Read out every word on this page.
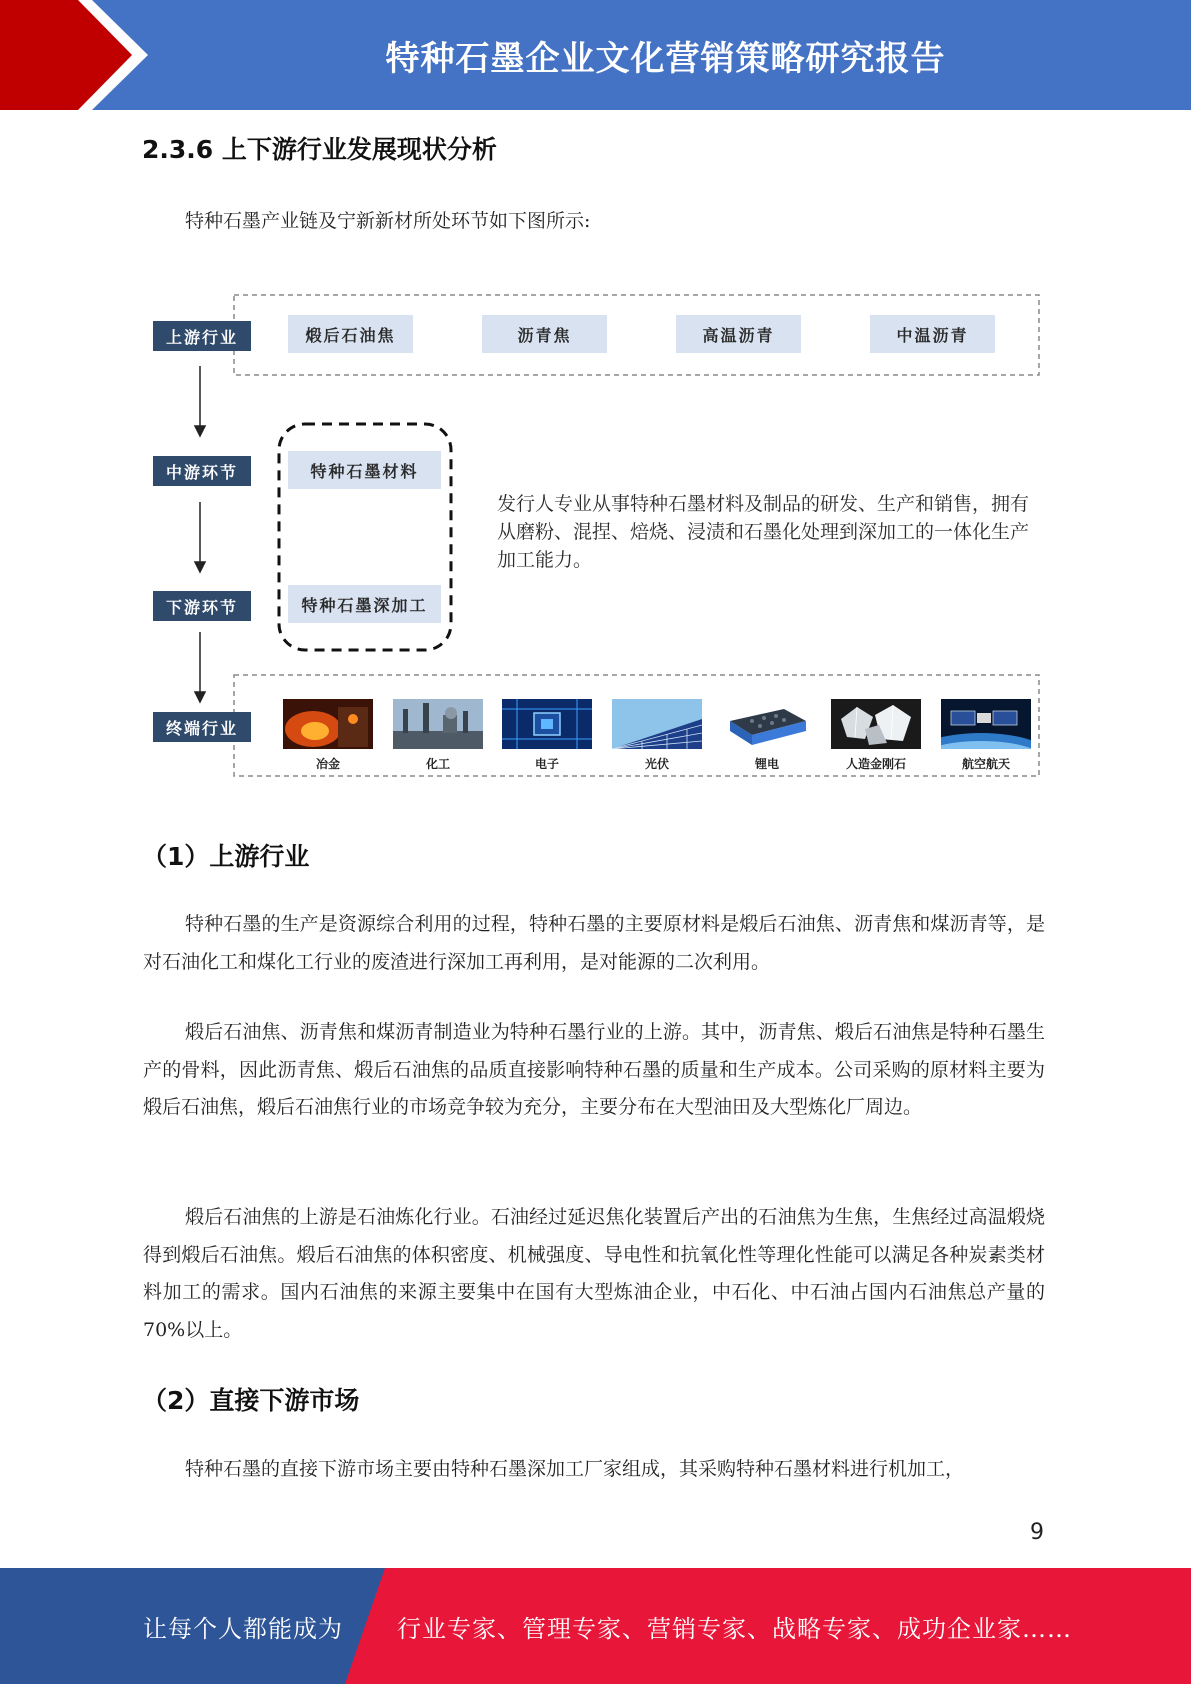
特种石墨企业文化营销策略研究报告
2.3.6 上下游行业发展现状分析

特种石墨产业链及宁新新材所处环节如下图所示:

上游行业
中游环节
下游环节
终端行业
煅后石油焦	沥青焦	高温沥青	中温沥青
特种石墨材料
特种石墨深加工

发行人专业从事特种石墨材料及制品的研发、生产和销售，拥有从磨粉、混捏、焙烧、浸渍和石墨化处理到深加工的一体化生产加工能力。

冶金	化工	电子	光伏	锂电	人造金刚石	航空航天
（1）上游行业

特种石墨的生产是资源综合利用的过程，特种石墨的主要原材料是煅后石油焦、沥青焦和煤沥青等，是对石油化工和煤化工行业的废渣进行深加工再利用，是对能源的二次利用。

煅后石油焦、沥青焦和煤沥青制造业为特种石墨行业的上游。其中，沥青焦、煅后石油焦是特种石墨生产的骨料，因此沥青焦、煅后石油焦的品质直接影响特种石墨的质量和生产成本。公司采购的原材料主要为煅后石油焦，煅后石油焦行业的市场竞争较为充分，主要分布在大型油田及大型炼化厂周边。

煅后石油焦的上游是石油炼化行业。石油经过延迟焦化装置后产出的石油焦为生焦，生焦经过高温煅烧得到煅后石油焦。煅后石油焦的体积密度、机械强度、导电性和抗氧化性等理化性能可以满足各种炭素类材料加工的需求。国内石油焦的来源主要集中在国有大型炼油企业，中石化、中石油占国内石油焦总产量的 70%以上。

（2）直接下游市场

特种石墨的直接下游市场主要由特种石墨深加工厂家组成，其采购特种石墨材料进行机加工，

9
让每个人都能成为 行业专家、管理专家、营销专家、战略专家、成功企业家……
